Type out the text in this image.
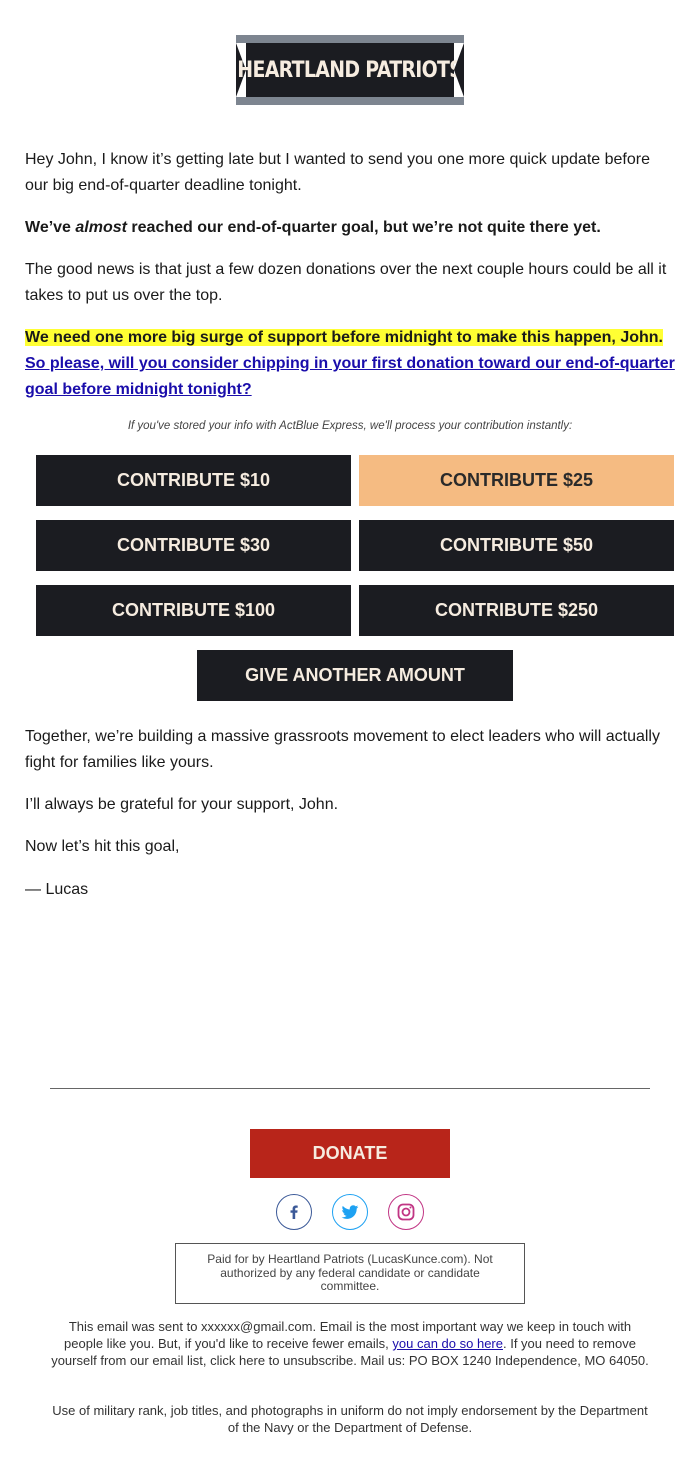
HEARTLAND PATRIOTS
Hey John, I know it’s getting late but I wanted to send you one more quick update before our big end-of-quarter deadline tonight.
We’ve almost reached our end-of-quarter goal, but we’re not quite there yet.
The good news is that just a few dozen donations over the next couple hours could be all it takes to put us over the top.
We need one more big surge of support before midnight to make this happen, John. So please, will you consider chipping in your first donation toward our end-of-quarter goal before midnight tonight?
If you've stored your info with ActBlue Express, we'll process your contribution instantly:
CONTRIBUTE $10	CONTRIBUTE $25
CONTRIBUTE $30	CONTRIBUTE $50
CONTRIBUTE $100	CONTRIBUTE $250
GIVE ANOTHER AMOUNT
Together, we’re building a massive grassroots movement to elect leaders who will actually fight for families like yours.
I’ll always be grateful for your support, John.
Now let’s hit this goal,
— Lucas
DONATE
Paid for by Heartland Patriots (LucasKunce.com). Not authorized by any federal candidate or candidate committee.
This email was sent to xxxxxx@gmail.com. Email is the most important way we keep in touch with people like you. But, if you'd like to receive fewer emails, you can do so here. If you need to remove yourself from our email list, click here to unsubscribe. Mail us: PO BOX 1240 Independence, MO 64050.
Use of military rank, job titles, and photographs in uniform do not imply endorsement by the Department of the Navy or the Department of Defense.
